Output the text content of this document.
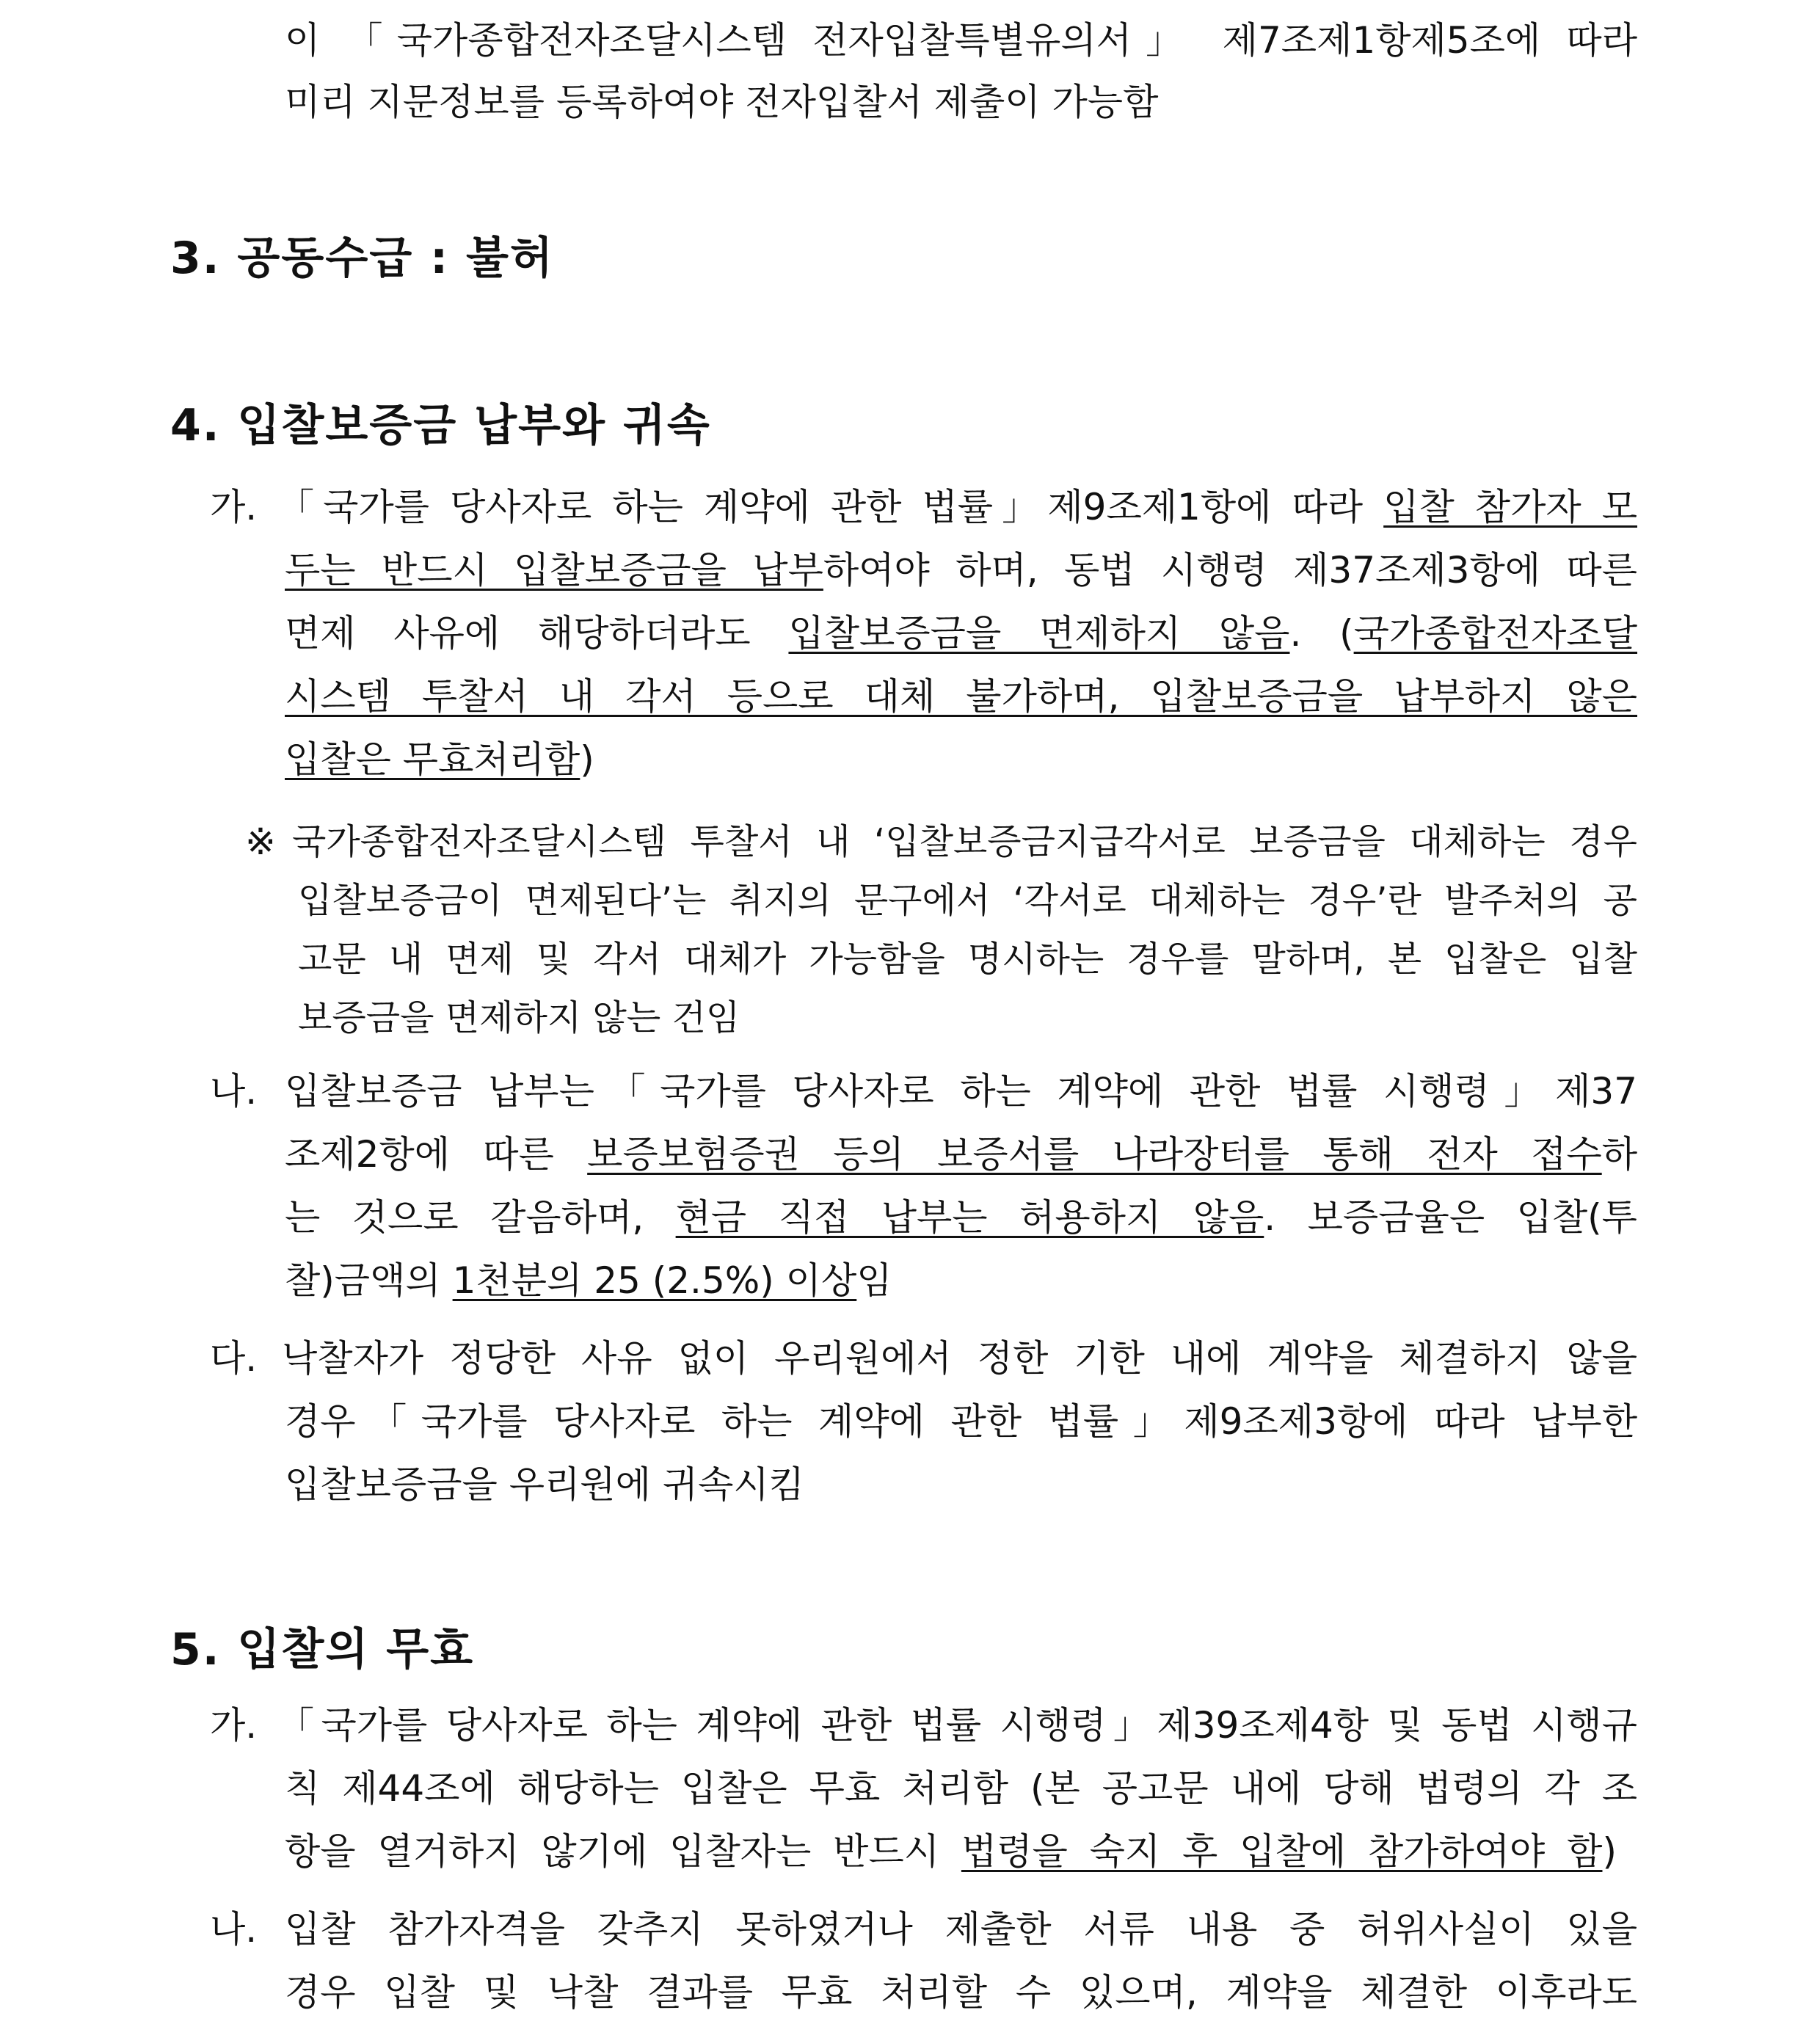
이 「국가종합전자조달시스템 전자입찰특별유의서」 제7조제1항제5조에 따라
미리 지문정보를 등록하여야 전자입찰서 제출이 가능함
3. 공동수급 : 불허
4. 입찰보증금 납부와 귀속
가. 「국가를 당사자로 하는 계약에 관한 법률」제9조제1항에 따라 입찰 참가자 모
두는 반드시 입찰보증금을 납부하여야 하며, 동법 시행령 제37조제3항에 따른
면제 사유에 해당하더라도 입찰보증금을 면제하지 않음. (국가종합전자조달
시스템 투찰서 내 각서 등으로 대체 불가하며, 입찰보증금을 납부하지 않은
입찰은 무효처리함)
※ 국가종합전자조달시스템 투찰서 내 ‘입찰보증금지급각서로 보증금을 대체하는 경우
입찰보증금이 면제된다’는 취지의 문구에서 ‘각서로 대체하는 경우’란 발주처의 공
고문 내 면제 및 각서 대체가 가능함을 명시하는 경우를 말하며, 본 입찰은 입찰
보증금을 면제하지 않는 건임
나. 입찰보증금 납부는「국가를 당사자로 하는 계약에 관한 법률 시행령」제37
조제2항에 따른 보증보험증권 등의 보증서를 나라장터를 통해 전자 접수하
는 것으로 갈음하며, 현금 직접 납부는 허용하지 않음. 보증금율은 입찰(투
찰)금액의 1천분의 25 (2.5%) 이상임
다. 낙찰자가 정당한 사유 없이 우리원에서 정한 기한 내에 계약을 체결하지 않을
경우「국가를 당사자로 하는 계약에 관한 법률」제9조제3항에 따라 납부한
입찰보증금을 우리원에 귀속시킴
5. 입찰의 무효
가. 「국가를 당사자로 하는 계약에 관한 법률 시행령」제39조제4항 및 동법 시행규
칙 제44조에 해당하는 입찰은 무효 처리함 (본 공고문 내에 당해 법령의 각 조
항을 열거하지 않기에 입찰자는 반드시 법령을 숙지 후 입찰에 참가하여야 함)
나. 입찰 참가자격을 갖추지 못하였거나 제출한 서류 내용 중 허위사실이 있을
경우 입찰 및 낙찰 결과를 무효 처리할 수 있으며, 계약을 체결한 이후라도
